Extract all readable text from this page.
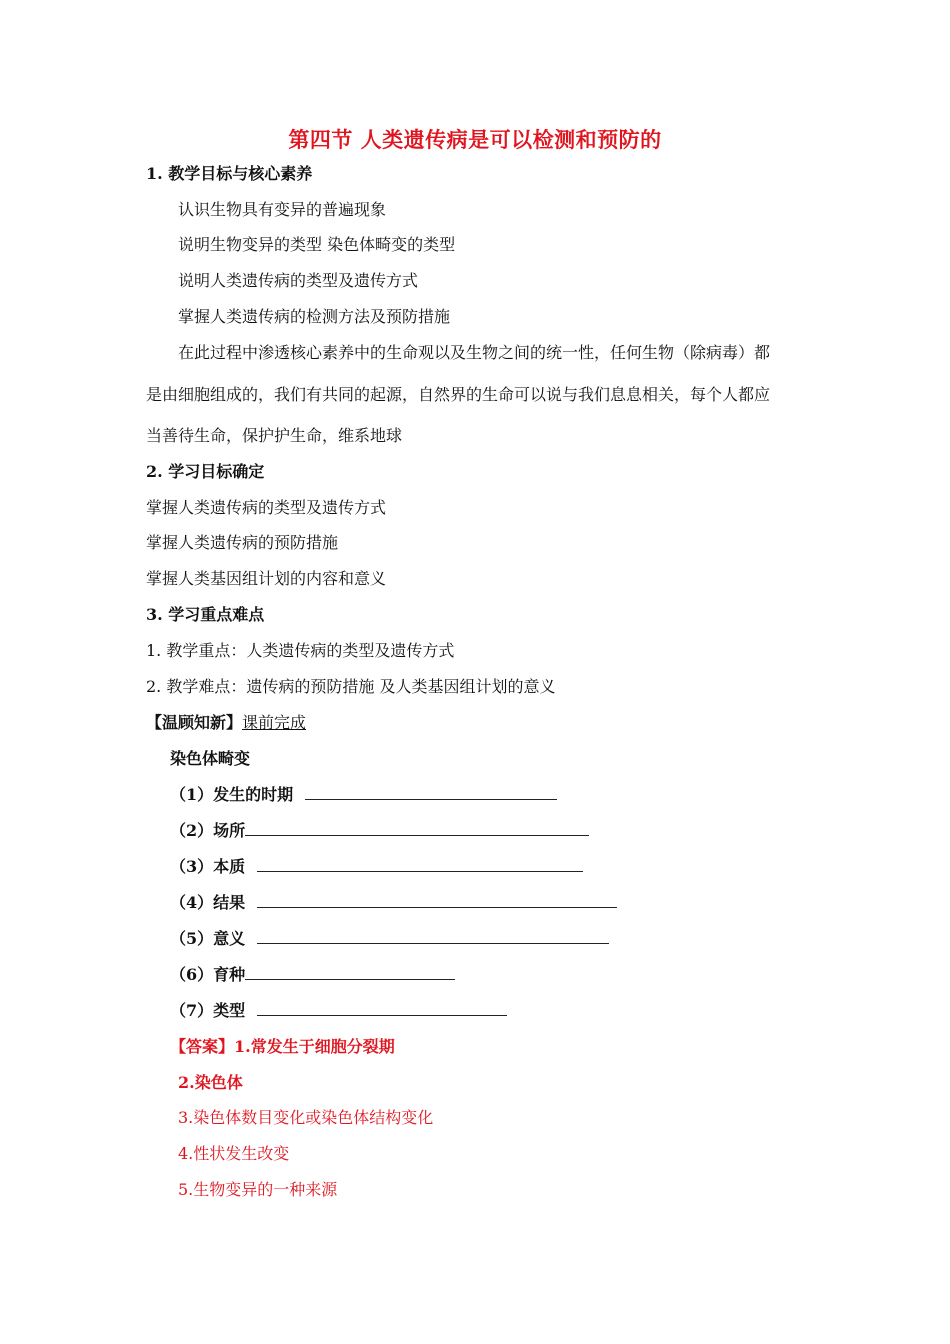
第四节 人类遗传病是可以检测和预防的
1. 教学目标与核心素养
认识生物具有变异的普遍现象
说明生物变异的类型 染色体畸变的类型
说明人类遗传病的类型及遗传方式
掌握人类遗传病的检测方法及预防措施
在此过程中渗透核心素养中的生命观以及生物之间的统一性，任何生物（除病毒）都
是由细胞组成的，我们有共同的起源，自然界的生命可以说与我们息息相关，每个人都应
当善待生命，保护护生命，维系地球
2. 学习目标确定
掌握人类遗传病的类型及遗传方式
掌握人类遗传病的预防措施
掌握人类基因组计划的内容和意义
3. 学习重点难点
1. 教学重点：人类遗传病的类型及遗传方式
2. 教学难点：遗传病的预防措施 及人类基因组计划的意义
【温顾知新】课前完成
染色体畸变
（1）发生的时期
（2）场所
（3）本质
（4）结果
（5）意义
（6）育种
（7）类型
【答案】1.常发生于细胞分裂期
2.染色体
3.染色体数目变化或染色体结构变化
4.性状发生改变
5.生物变异的一种来源
